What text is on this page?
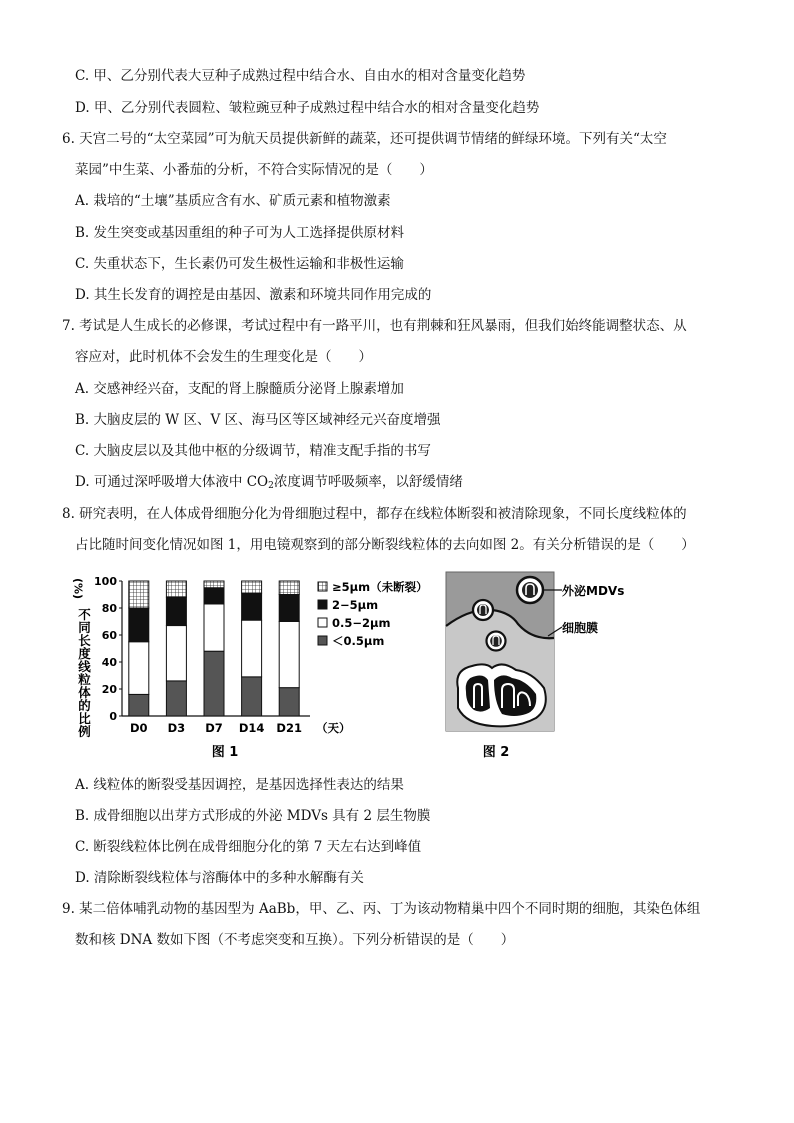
C. 甲、乙分别代表大豆种子成熟过程中结合水、自由水的相对含量变化趋势
D. 甲、乙分别代表圆粒、皱粒豌豆种子成熟过程中结合水的相对含量变化趋势
6. 天宫二号的“太空菜园”可为航天员提供新鲜的蔬菜，还可提供调节情绪的鲜绿环境。下列有关“太空
菜园”中生菜、小番茄的分析，不符合实际情况的是（　　）
A. 栽培的“土壤”基质应含有水、矿质元素和植物激素
B. 发生突变或基因重组的种子可为人工选择提供原材料
C. 失重状态下，生长素仍可发生极性运输和非极性运输
D. 其生长发育的调控是由基因、激素和环境共同作用完成的
7. 考试是人生成长的必修课，考试过程中有一路平川，也有荆棘和狂风暴雨，但我们始终能调整状态、从
容应对，此时机体不会发生的生理变化是（　　）
A. 交感神经兴奋，支配的肾上腺髓质分泌肾上腺素增加
B. 大脑皮层的 W 区、V 区、海马区等区域神经元兴奋度增强
C. 大脑皮层以及其他中枢的分级调节，精准支配手指的书写
D. 可通过深呼吸增大体液中 $CO_2$浓度调节呼吸频率，以舒缓情绪
8. 研究表明，在人体成骨细胞分化为骨细胞过程中，都存在线粒体断裂和被清除现象，不同长度线粒体的
占比随时间变化情况如图 1，用电镜观察到的部分断裂线粒体的去向如图 2。有关分析错误的是（　　）
(%)
不同长度线粒体的比例 0
20
40
60
80
100
D0 D3 D7 D14 D21 （天）
≥5μm（未断裂）
2−5μm
0.5−2μm
＜0.5μm
图 1
外泌MDVs
细胞膜
图 2
A. 线粒体的断裂受基因调控，是基因选择性表达的结果
B. 成骨细胞以出芽方式形成的外泌 MDVs 具有 2 层生物膜
C. 断裂线粒体比例在成骨细胞分化的第 7 天左右达到峰值
D. 清除断裂线粒体与溶酶体中的多种水解酶有关
9. 某二倍体哺乳动物的基因型为 AaBb，甲、乙、丙、丁为该动物精巢中四个不同时期的细胞，其染色体组
数和核 DNA 数如下图（不考虑突变和互换）。下列分析错误的是（　　）
